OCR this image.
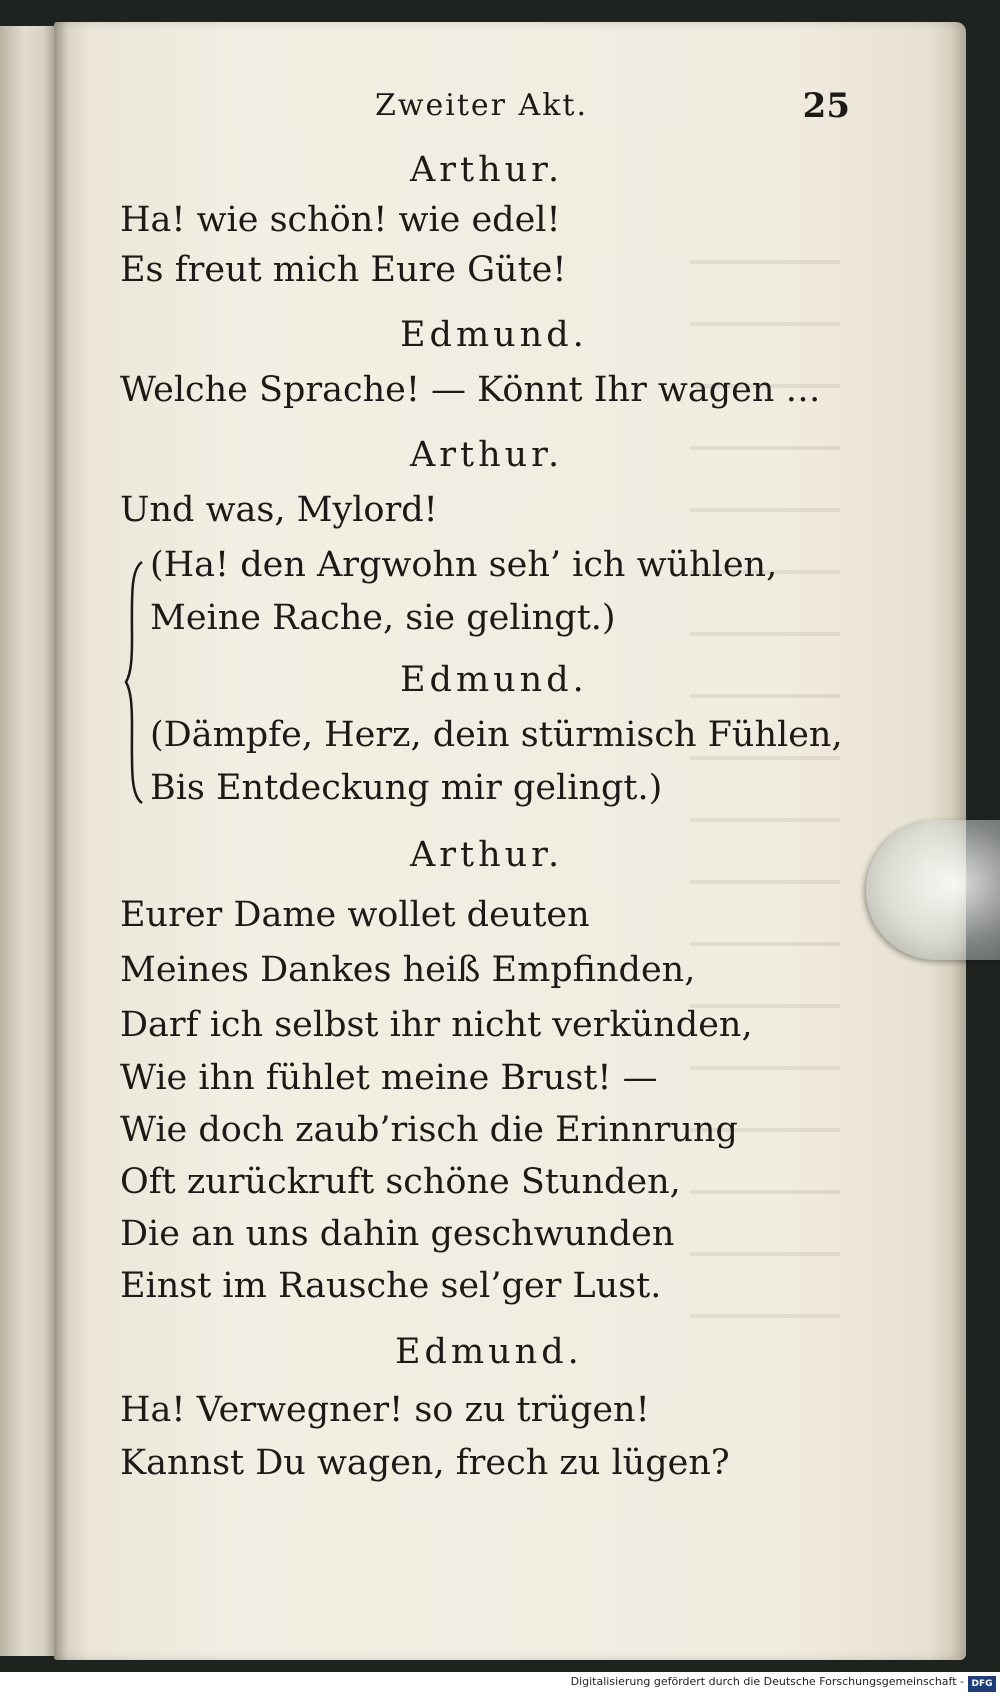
Zweiter Akt.	25
Arthur.
Ha! wie schön! wie edel!
Es freut mich Eure Güte!
Edmund.
Welche Sprache! — Könnt Ihr wagen …
Arthur.
Und was, Mylord!
(Ha! den Argwohn seh’ ich wühlen,
Meine Rache, sie gelingt.)
Edmund.
(Dämpfe, Herz, dein stürmisch Fühlen,
Bis Entdeckung mir gelingt.)
Arthur.
Eurer Dame wollet deuten
Meines Dankes heiß Empfinden,
Darf ich selbst ihr nicht verkünden,
Wie ihn fühlet meine Brust! —
Wie doch zaub’risch die Erinnrung
Oft zurückruft schöne Stunden,
Die an uns dahin geschwunden
Einst im Rausche sel’ger Lust.
Edmund.
Ha! Verwegner! so zu trügen!
Kannst Du wagen, frech zu lügen?
Digitalisierung gefördert durch die Deutsche Forschungsgemeinschaft - DFG
